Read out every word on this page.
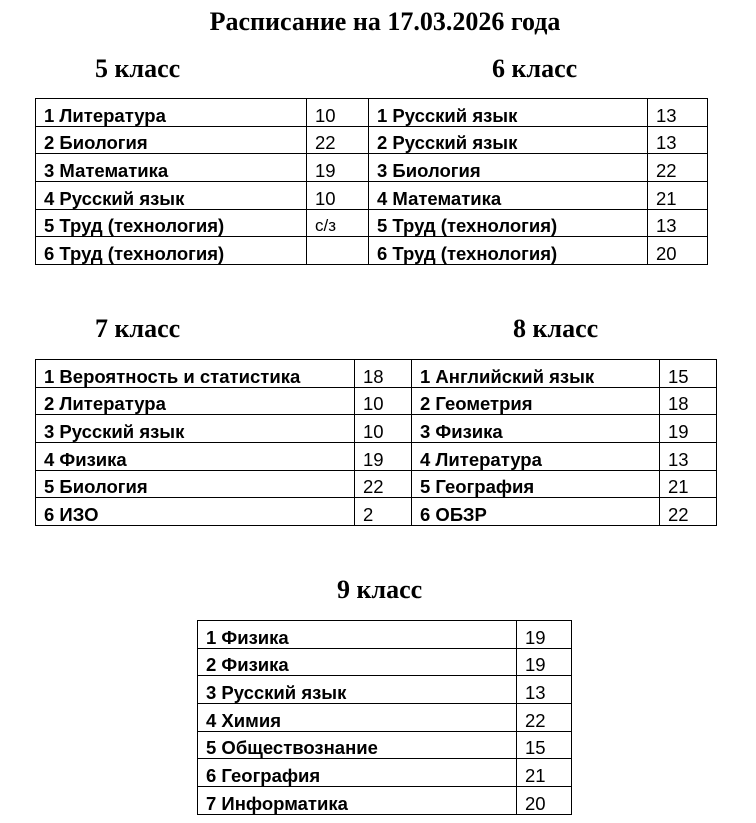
Расписание на 17.03.2026 года
5 класс
1 Литература	10
2 Биология	22
3 Математика	19
4 Русский язык	10
5 Труд (технология)	с/з
6 Труд (технология)	
6 класс
1 Русский язык	13
2 Русский язык	13
3 Биология	22
4 Математика	21
5 Труд (технология)	13
6 Труд (технология)	20
7 класс
1 Вероятность и статистика	18
2 Литература	10
3 Русский язык	10
4 Физика	19
5 Биология	22
6 ИЗО	2
8 класс
1 Английский язык	15
2 Геометрия	18
3 Физика	19
4 Литература	13
5 География	21
6 ОБЗР	22
9 класс
1 Физика	19
2 Физика	19
3 Русский язык	13
4 Химия	22
5 Обществознание	15
6 География	21
7 Информатика	20
